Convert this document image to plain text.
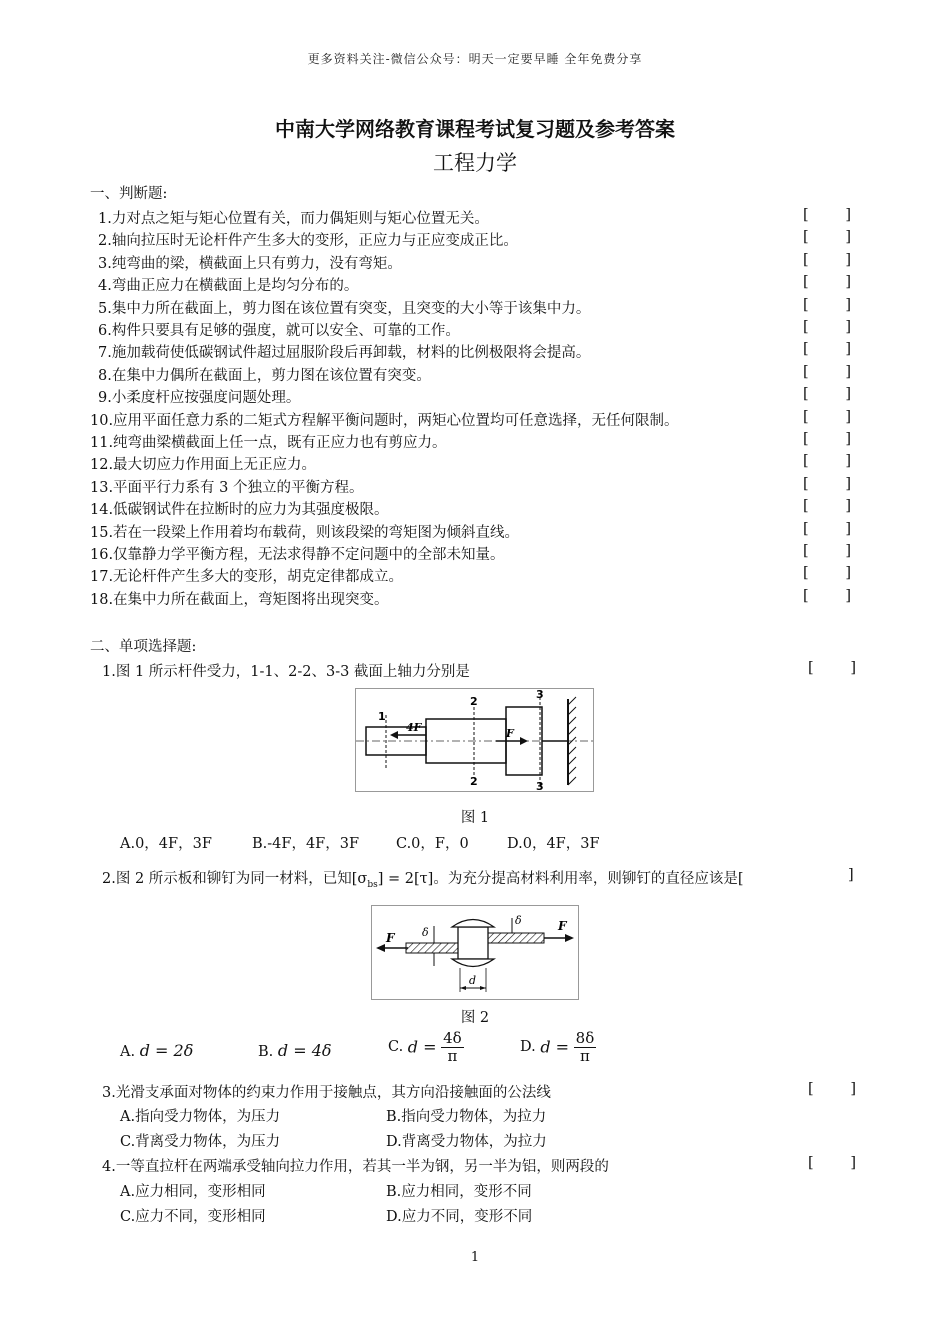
更多资料关注-微信公众号：明天一定要早睡 全年免费分享
中南大学网络教育课程考试复习题及参考答案
工程力学
一、判断题:
1.力对点之矩与矩心位置有关，而力偶矩则与矩心位置无关。	[	]
2.轴向拉压时无论杆件产生多大的变形，正应力与正应变成正比。	[	]
3.纯弯曲的梁，横截面上只有剪力，没有弯矩。	[	]
4.弯曲正应力在横截面上是均匀分布的。	[	]
5.集中力所在截面上，剪力图在该位置有突变，且突变的大小等于该集中力。	[	]
6.构件只要具有足够的强度，就可以安全、可靠的工作。	[	]
7.施加载荷使低碳钢试件超过屈服阶段后再卸载，材料的比例极限将会提高。	[	]
8.在集中力偶所在截面上，剪力图在该位置有突变。	[	]
9.小柔度杆应按强度问题处理。	[	]
10.应用平面任意力系的二矩式方程解平衡问题时，两矩心位置均可任意选择，无任何限制。	[	]
11.纯弯曲梁横截面上任一点，既有正应力也有剪应力。	[	]
12.最大切应力作用面上无正应力。	[	]
13.平面平行力系有 3 个独立的平衡方程。	[	]
14.低碳钢试件在拉断时的应力为其强度极限。	[	]
15.若在一段梁上作用着均布载荷，则该段梁的弯矩图为倾斜直线。	[	]
16.仅靠静力学平衡方程，无法求得静不定问题中的全部未知量。	[	]
17.无论杆件产生多大的变形，胡克定律都成立。	[	]
18.在集中力所在截面上，弯矩图将出现突变。	[	]
二、单项选择题:
1.图 1 所示杆件受力，1-1、2-2、3-3 截面上轴力分别是	[	]
1
2
2
3
3
4F	F
图 1
A.0，4F，3F	B.-4F，4F，3F	C.0，F，0	D.0，4F，3F
2.图 2 所示板和铆钉为同一材料，已知$[\sigma_{bs}] = 2[\tau]$。为充分提高材料利用率，则铆钉的直径应该是[	]
F
F
δ
δ
d
图 2
A. d = 2δ	B. d = 4δ	C. $d = \frac{4\delta}{\pi}$	D. $d = \frac{8\delta}{\pi}$
3.光滑支承面对物体的约束力作用于接触点，其方向沿接触面的公法线	[	]
A.指向受力物体，为压力	B.指向受力物体，为拉力
C.背离受力物体，为压力	D.背离受力物体，为拉力
4.一等直拉杆在两端承受轴向拉力作用，若其一半为钢，另一半为铝，则两段的	[	]
A.应力相同，变形相同	B.应力相同，变形不同
C.应力不同，变形相同	D.应力不同，变形不同
1
